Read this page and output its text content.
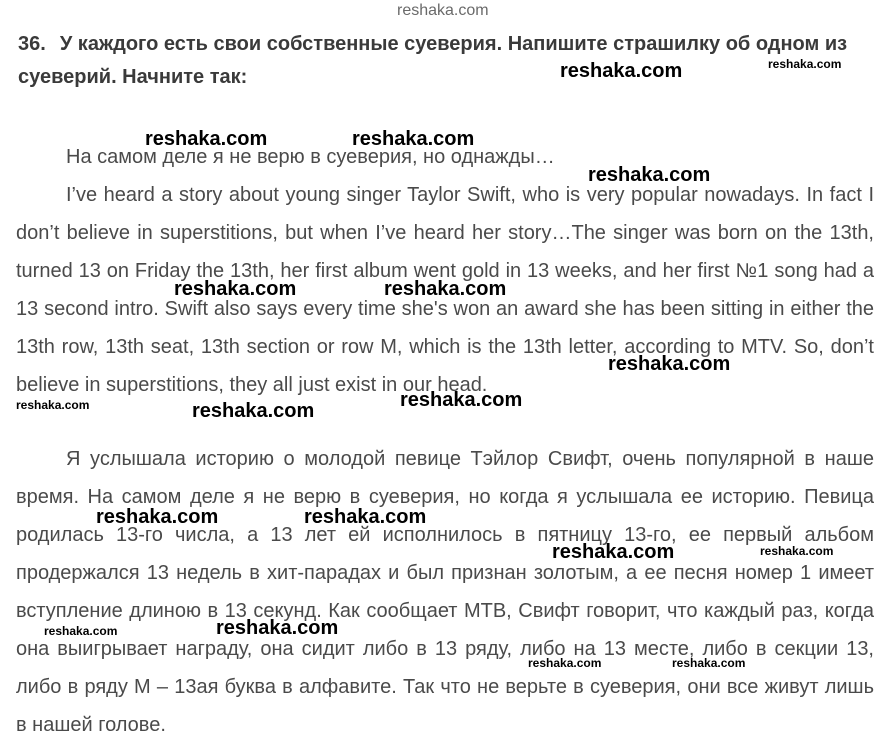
reshaka.com

36. У каждого есть свои собственные суеверия. Напишите страшилку об одном из суеверий. Начните так:

На самом деле я не верю в суеверия, но однажды…

I’ve heard a story about young singer Taylor Swift, who is very popular nowadays. In fact I don’t believe in superstitions, but when I’ve heard her story…The singer was born on the 13th, turned 13 on Friday the 13th, her first album went gold in 13 weeks, and her first №1 song had a 13 second intro. Swift also says every time she's won an award she has been sitting in either the 13th row, 13th seat, 13th section or row M, which is the 13th letter, according to MTV. So, don’t believe in superstitions, they all just exist in our head.

Я услышала историю о молодой певице Тэйлор Свифт, очень популярной в наше время. На самом деле я не верю в суеверия, но когда я услышала ее историю. Певица родилась 13-го числа, а 13 лет ей исполнилось в пятницу 13-го, ее первый альбом продержался 13 недель в хит-парадах и был признан золотым, а ее песня номер 1 имеет вступление длиною в 13 секунд. Как сообщает МТВ, Свифт говорит, что каждый раз, когда она выигрывает награду, она сидит либо в 13 ряду, либо на 13 месте, либо в секции 13, либо в ряду М – 13ая буква в алфавите. Так что не верьте в суеверия, они все живут лишь в нашей голове.

reshaka.com	reshaka.com
reshaka.com	reshaka.com
reshaka.com
reshaka.com	reshaka.com
reshaka.com
reshaka.com	reshaka.com
reshaka.com
reshaka.com	reshaka.com
reshaka.com	reshaka.com
reshaka.com	reshaka.com
reshaka.com	reshaka.com
